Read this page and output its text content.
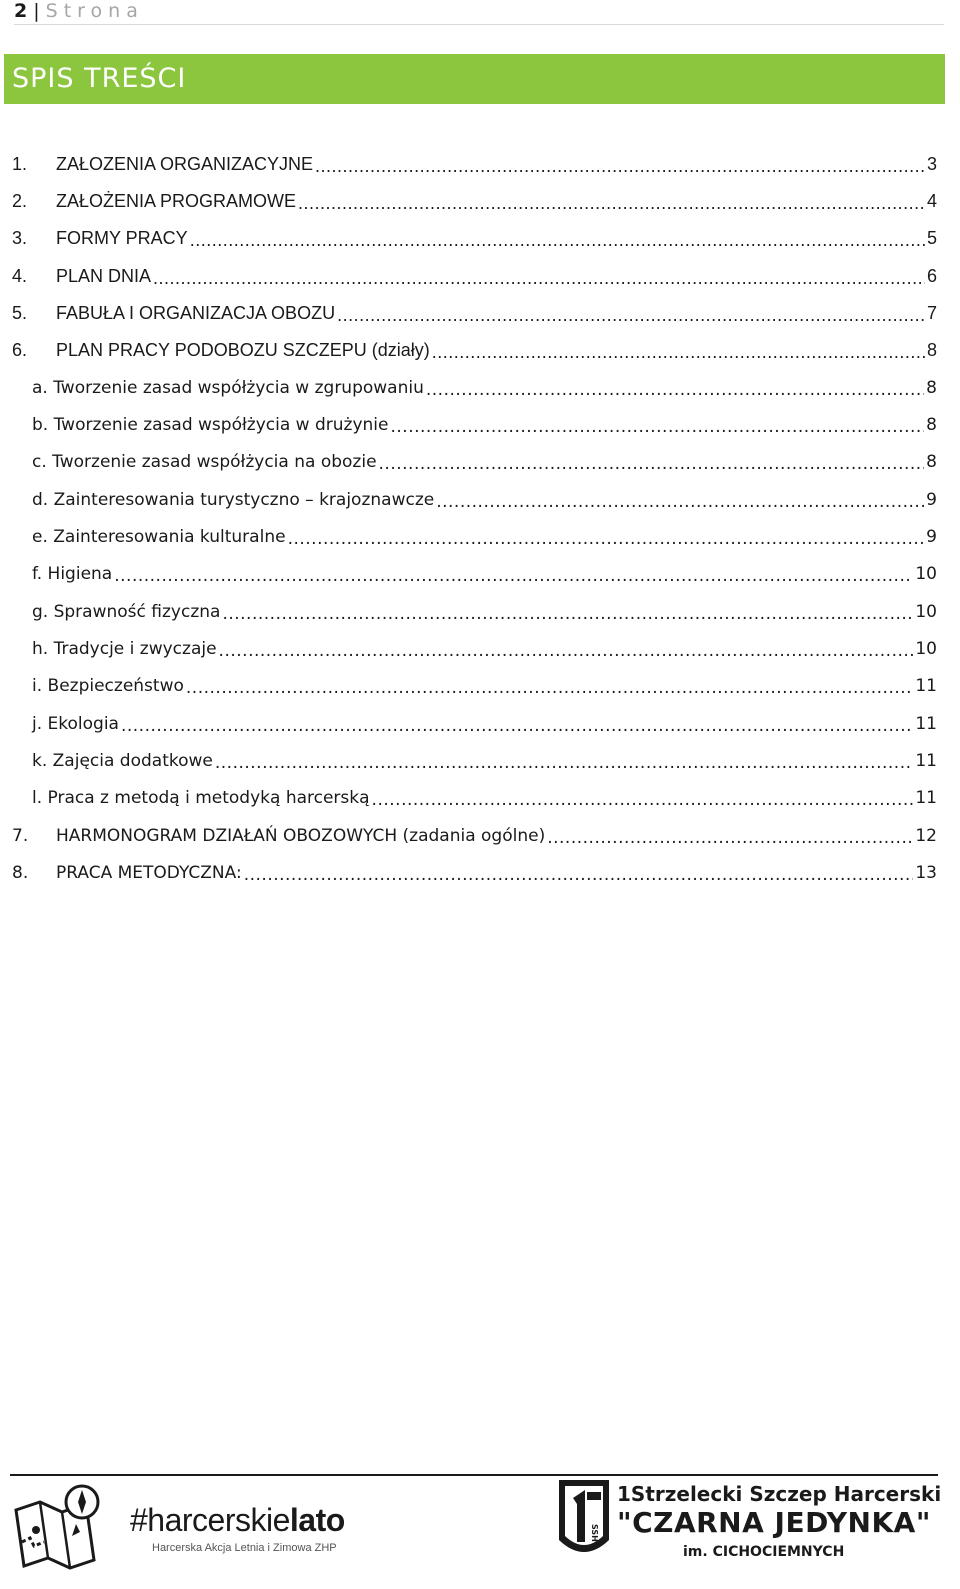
2 | Strona
SPIS TREŚCI
1.	ZAŁOZENIA ORGANIZACYJNE .....	3
2.	ZAŁOŻENIA PROGRAMOWE .....	4
3.	FORMY PRACY .....	5
4.	PLAN DNIA .....	6
5.	FABUŁA I ORGANIZACJA OBOZU .....	7
6.	PLAN PRACY PODOBOZU SZCZEPU (działy) .....	8
a. Tworzenie zasad współżycia w zgrupowaniu .....	8
b. Tworzenie zasad współżycia w drużynie .....	8
c. Tworzenie zasad współżycia na obozie .....	8
d. Zainteresowania turystyczno – krajoznawcze .....	9
e. Zainteresowania kulturalne .....	9
f. Higiena .....	10
g. Sprawność fizyczna .....	10
h. Tradycje i zwyczaje .....	10
i. Bezpieczeństwo .....	11
j. Ekologia .....	11
k. Zajęcia dodatkowe .....	11
l. Praca z metodą i metodyką harcerską .....	11
7.	HARMONOGRAM DZIAŁAŃ OBOZOWYCH (zadania ogólne) .....	12
8.	PRACA METODYCZNA: .....	13
#harcerskielato
Harcerska Akcja Letnia i Zimowa ZHP
SSH
1Strzelecki Szczep Harcerski
"CZARNA JEDYNKA"
im. CICHOCIEMNYCH
